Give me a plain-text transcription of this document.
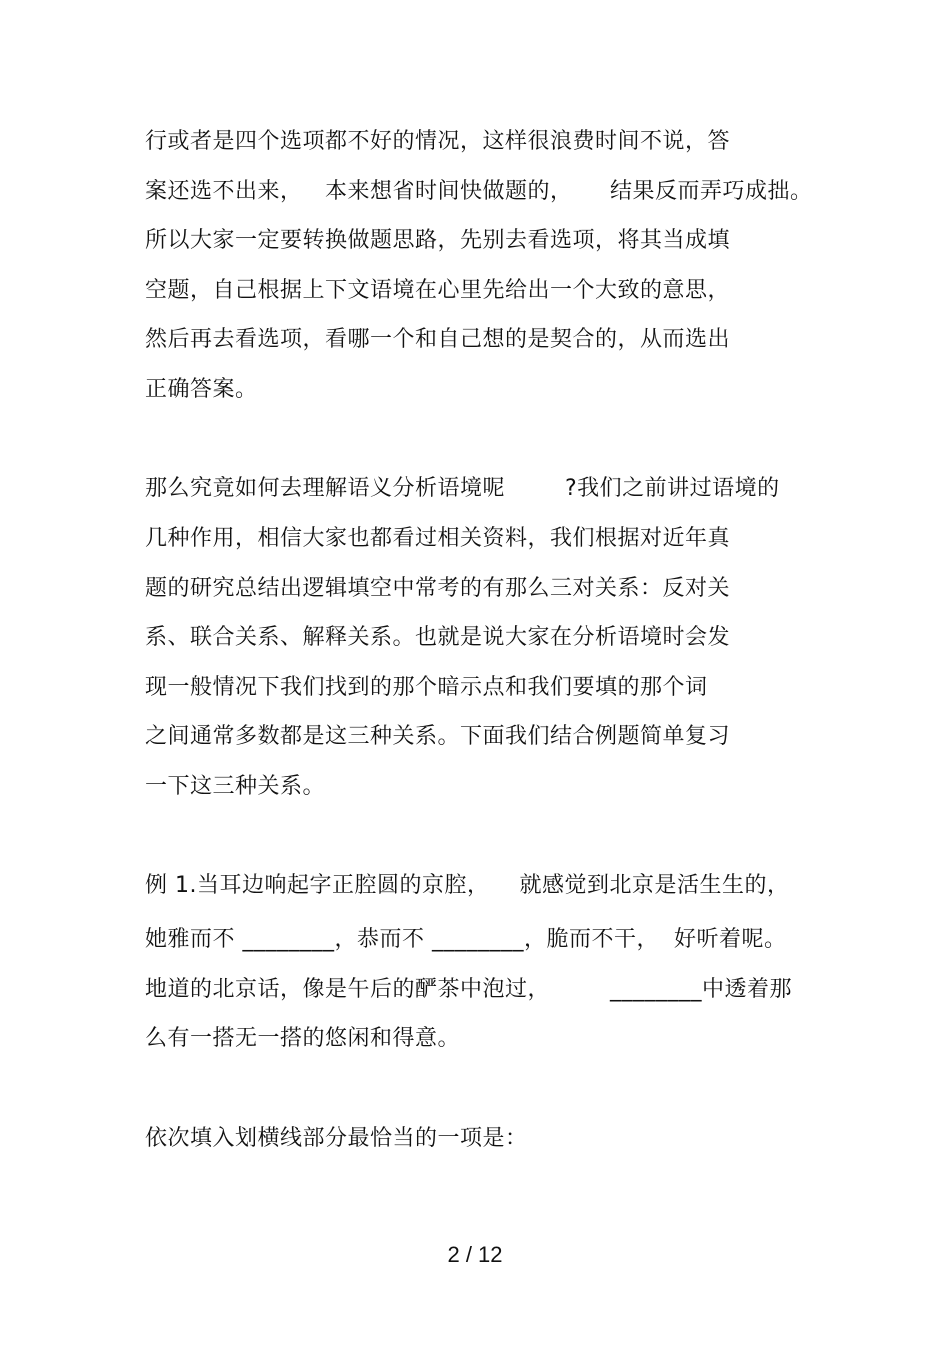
行或者是四个选项都不好的情况，这样很浪费时间不说，答
案还选不出来，   本来想省时间快做题的，     结果反而弄巧成拙。
所以大家一定要转换做题思路，先别去看选项，将其当成填
空题，自己根据上下文语境在心里先给出一个大致的意思，
然后再去看选项，看哪一个和自己想的是契合的，从而选出
正确答案。
那么究竟如何去理解语义分析语境呢        ?我们之前讲过语境的
几种作用，相信大家也都看过相关资料，我们根据对近年真
题的研究总结出逻辑填空中常考的有那么三对关系：反对关
系、联合关系、解释关系。也就是说大家在分析语境时会发
现一般情况下我们找到的那个暗示点和我们要填的那个词
之间通常多数都是这三种关系。下面我们结合例题简单复习
一下这三种关系。
例 1.当耳边响起字正腔圆的京腔，    就感觉到北京是活生生的，
她雅而不 ________，恭而不 ________，脆而不干，  好听着呢。
地道的北京话，像是午后的酽茶中泡过，        ________中透着那
么有一搭无一搭的悠闲和得意。
依次填入划横线部分最恰当的一项是：
2 / 12
